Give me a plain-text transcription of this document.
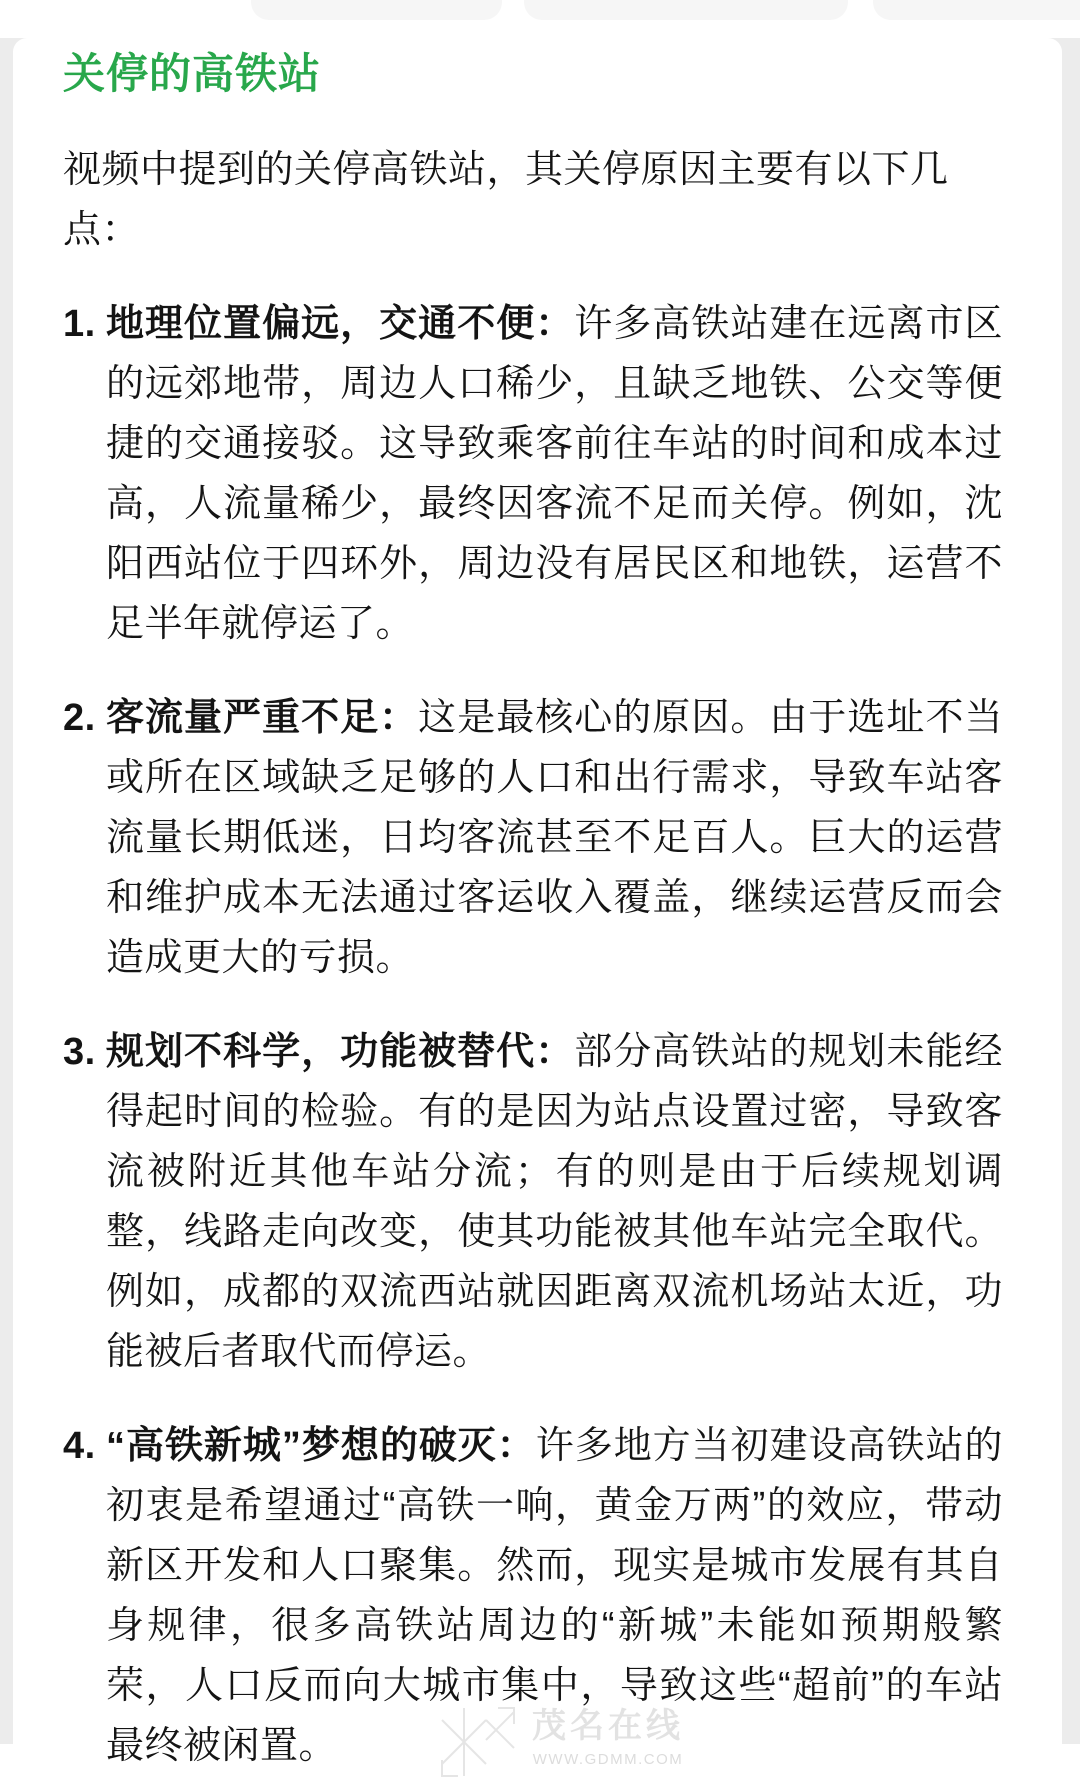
关停的高铁站

视频中提到的关停高铁站，其关停原因主要有以下几点：

1. 地理位置偏远，交通不便：许多高铁站建在远离市区的远郊地带，周边人口稀少，且缺乏地铁、公交等便捷的交通接驳。这导致乘客前往车站的时间和成本过高，人流量稀少，最终因客流不足而关停。例如，沈阳西站位于四环外，周边没有居民区和地铁，运营不足半年就停运了。
2. 客流量严重不足：这是最核心的原因。由于选址不当或所在区域缺乏足够的人口和出行需求，导致车站客流量长期低迷，日均客流甚至不足百人。巨大的运营和维护成本无法通过客运收入覆盖，继续运营反而会造成更大的亏损。
3. 规划不科学，功能被替代：部分高铁站的规划未能经得起时间的检验。有的是因为站点设置过密，导致客流被附近其他车站分流；有的则是由于后续规划调整，线路走向改变，使其功能被其他车站完全取代。例如，成都的双流西站就因距离双流机场站太近，功能被后者取代而停运。
4. “高铁新城”梦想的破灭：许多地方当初建设高铁站的初衷是希望通过“高铁一响，黄金万两”的效应，带动新区开发和人口聚集。然而，现实是城市发展有其自身规律，很多高铁站周边的“新城”未能如预期般繁荣，人口反而向大城市集中，导致这些“超前”的车站最终被闲置。	茂名在线
WWW.GDMM.COM
